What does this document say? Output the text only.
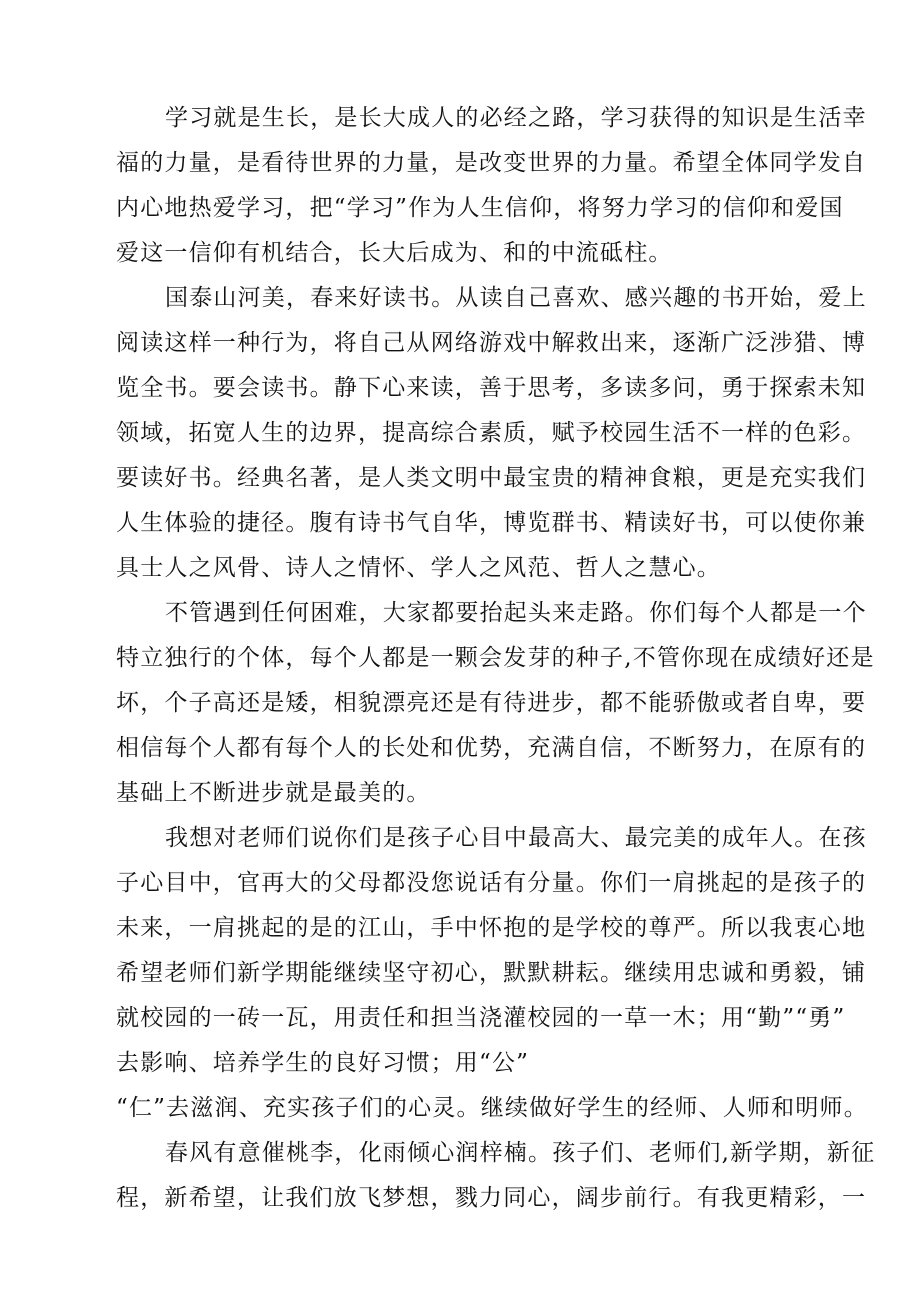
学习就是生长，是长大成人的必经之路，学习获得的知识是生活幸
福的力量，是看待世界的力量，是改变世界的力量。希望全体同学发自
内心地热爱学习，把“学习”作为人生信仰，将努力学习的信仰和爱国
爱这一信仰有机结合，长大后成为、和的中流砥柱。
国泰山河美，春来好读书。从读自己喜欢、感兴趣的书开始，爱上
阅读这样一种行为，将自己从网络游戏中解救出来，逐渐广泛涉猎、博
览全书。要会读书。静下心来读，善于思考，多读多问，勇于探索未知
领域，拓宽人生的边界，提高综合素质，赋予校园生活不一样的色彩。
要读好书。经典名著，是人类文明中最宝贵的精神食粮，更是充实我们
人生体验的捷径。腹有诗书气自华，博览群书、精读好书，可以使你兼
具士人之风骨、诗人之情怀、学人之风范、哲人之慧心。
不管遇到任何困难，大家都要抬起头来走路。你们每个人都是一个
特立独行的个体，每个人都是一颗会发芽的种子,不管你现在成绩好还是
坏，个子高还是矮，相貌漂亮还是有待进步，都不能骄傲或者自卑，要
相信每个人都有每个人的长处和优势，充满自信，不断努力，在原有的
基础上不断进步就是最美的。
我想对老师们说你们是孩子心目中最高大、最完美的成年人。在孩
子心目中，官再大的父母都没您说话有分量。你们一肩挑起的是孩子的
未来，一肩挑起的是的江山，手中怀抱的是学校的尊严。所以我衷心地
希望老师们新学期能继续坚守初心，默默耕耘。继续用忠诚和勇毅，铺
就校园的一砖一瓦，用责任和担当浇灌校园的一草一木；用“勤”“勇”
去影响、培养学生的良好习惯；用“公”
“仁”去滋润、充实孩子们的心灵。继续做好学生的经师、人师和明师。
春风有意催桃李，化雨倾心润梓楠。孩子们、老师们,新学期，新征
程，新希望，让我们放飞梦想，戮力同心，阔步前行。有我更精彩，一
